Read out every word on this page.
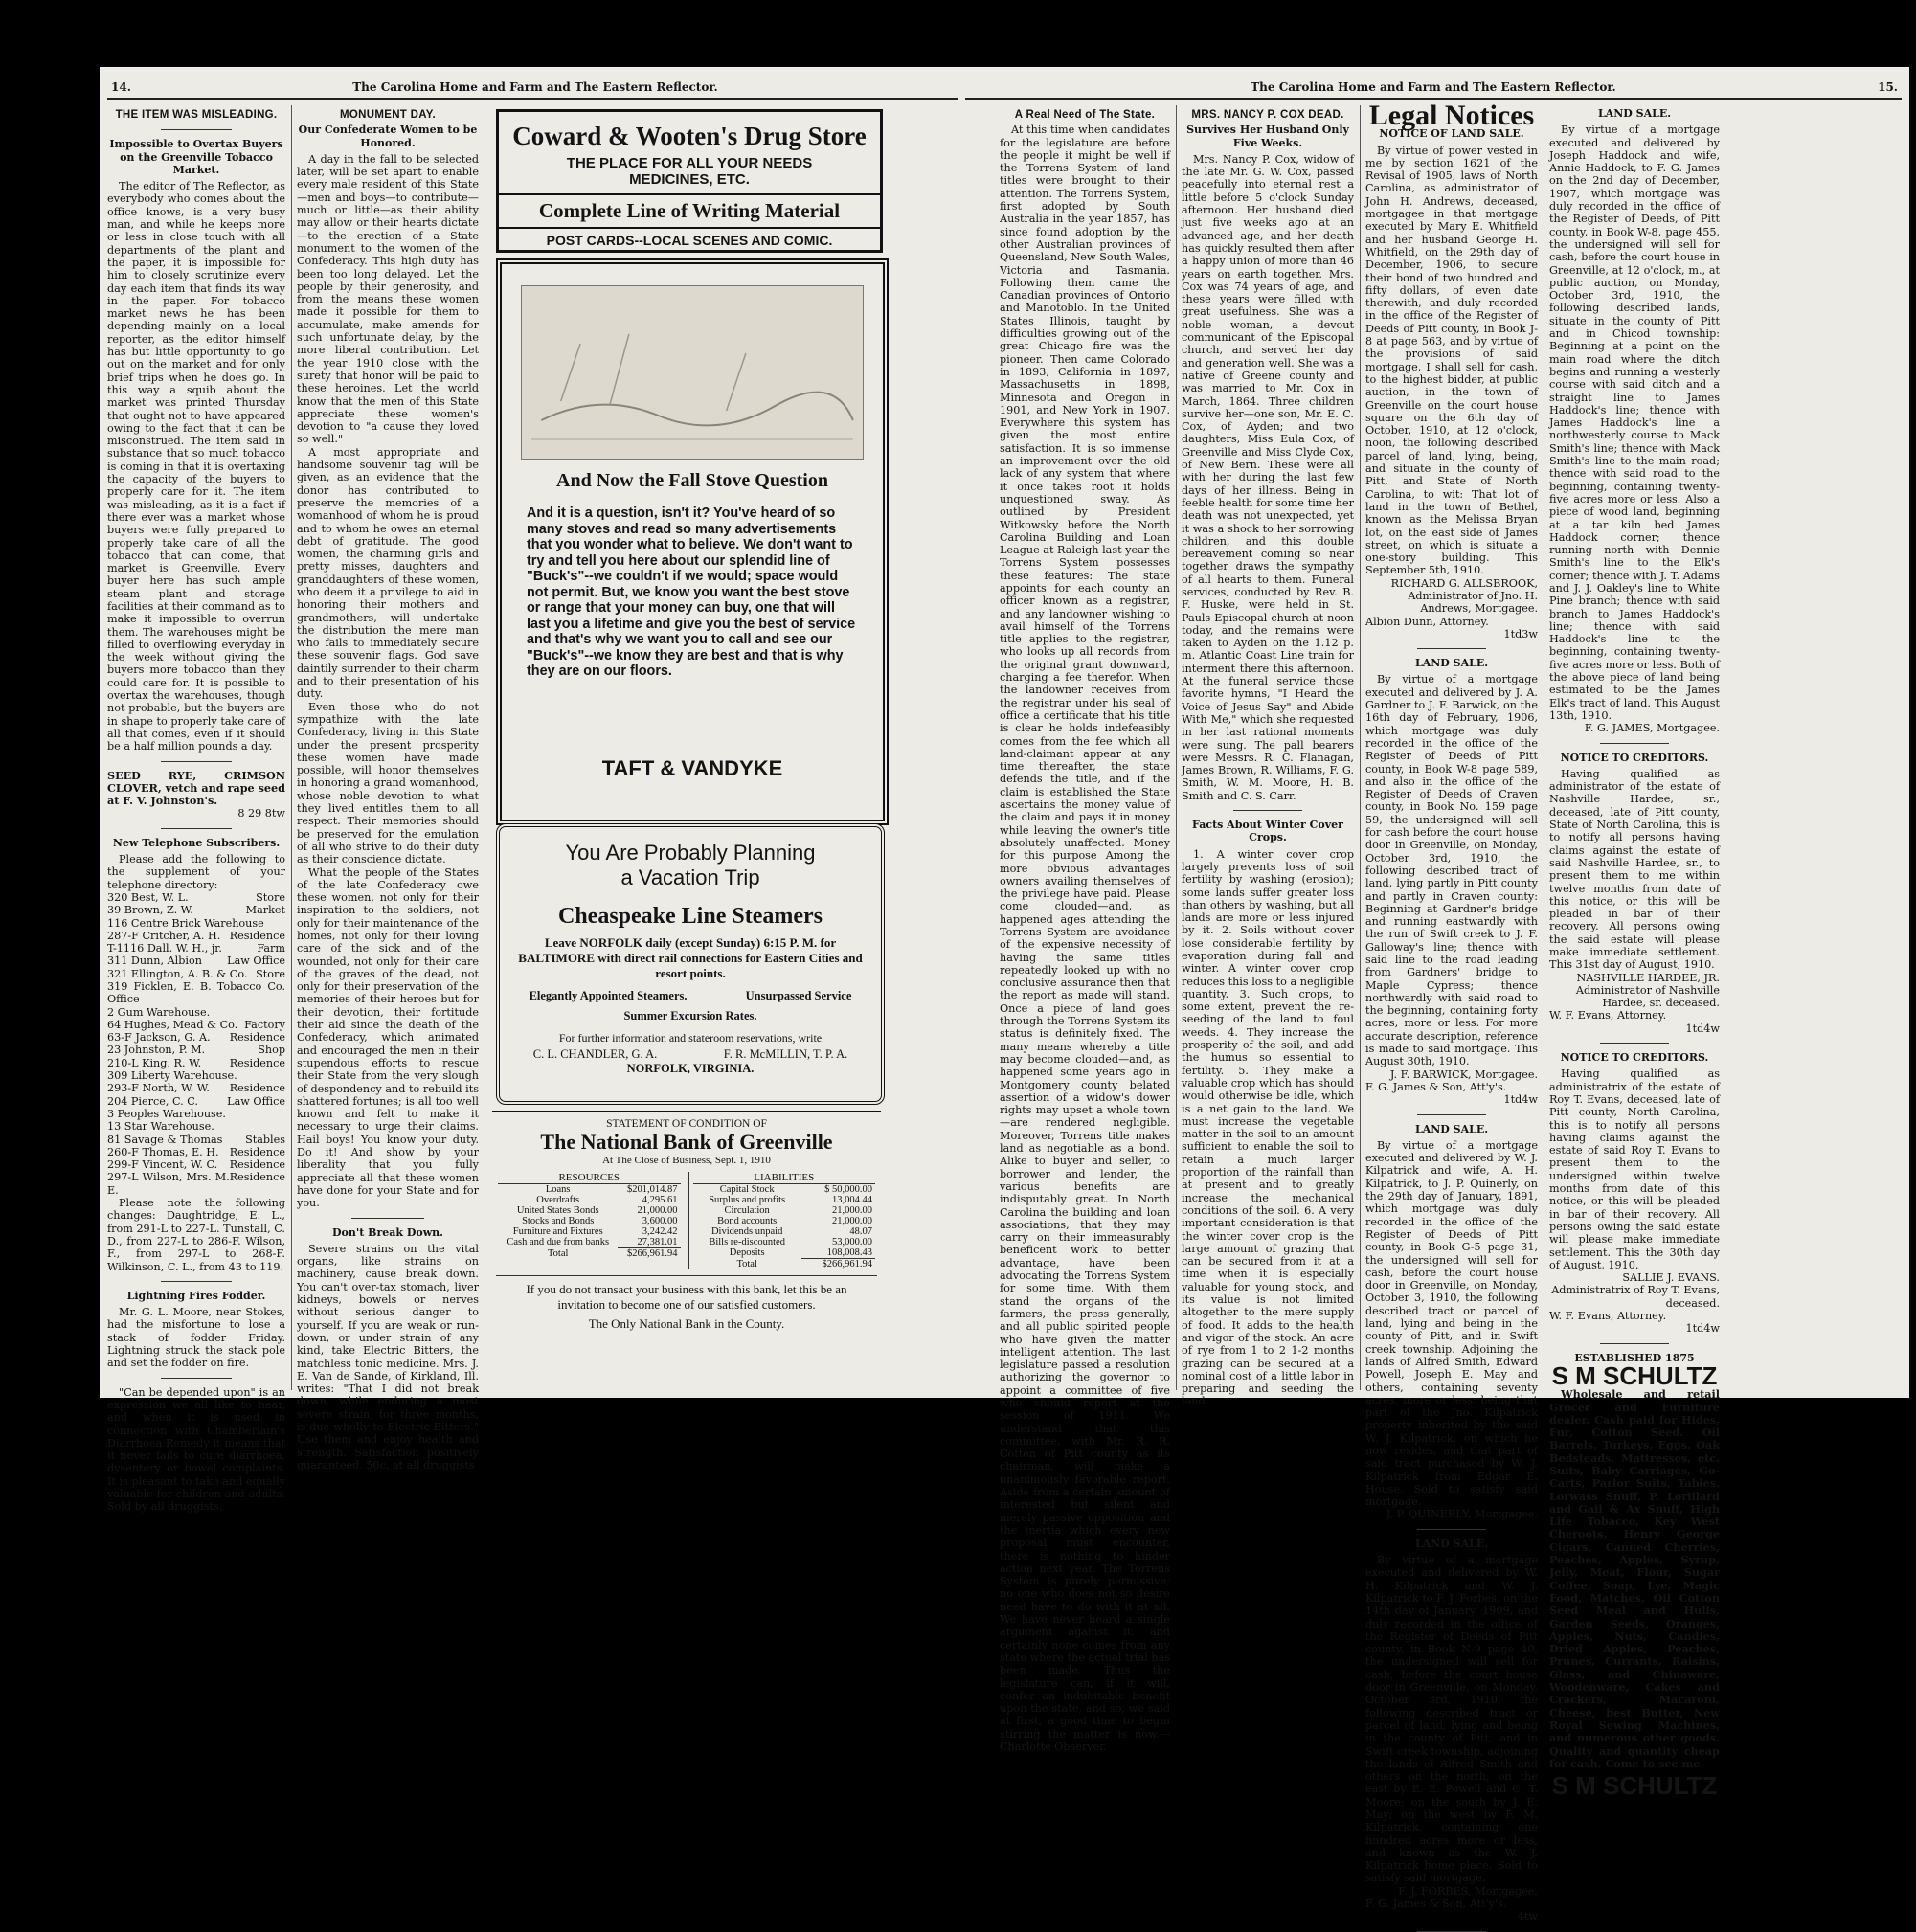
14.	The Carolina Home and Farm and The Eastern Reflector.
THE ITEM WAS MISLEADING.
Impossible to Overtax Buyers on the Greenville Tobacco Market.

The editor of The Reflector, as everybody who comes about the office knows, is a very busy man, and while he keeps more or less in close touch with all departments of the plant and the paper, it is impossible for him to closely scrutinize every day each item that finds its way in the paper. For tobacco market news he has been depending mainly on a local reporter, as the editor himself has but little opportunity to go out on the market and for only brief trips when he does go. In this way a squib about the market was printed Thursday that ought not to have appeared owing to the fact that it can be misconstrued. The item said in substance that so much tobacco is coming in that it is overtaxing the capacity of the buyers to properly care for it. The item was misleading, as it is a fact if there ever was a market whose buyers were fully prepared to properly take care of all the tobacco that can come, that market is Greenville. Every buyer here has such ample steam plant and storage facilities at their command as to make it impossible to overrun them. The warehouses might be filled to overflowing everyday in the week without giving the buyers more tobacco than they could care for. It is possible to overtax the warehouses, though not probable, but the buyers are in shape to properly take care of all that comes, even if it should be a half million pounds a day.

SEED RYE, CRIMSON CLOVER, vetch and rape seed at F. V. Johnston's.

8 29 8tw

New Telephone Subscribers.

Please add the following to the supplement of your telephone directory:

320 Best, W. L.	Store
39 Brown, Z. W.	Market
116 Centre Brick Warehouse
287-F Critcher, A. H. Residence
T-1116 Dall. W. H., jr.	Farm
311 Dunn, Albion Law Office
321 Ellington, A. B. & Co. Store
319 Ficklen, E. B. Tobacco Co. Office
2 Gum Warehouse.
64 Hughes, Mead & Co. Factory
63-F Jackson, G. A. Residence
23 Johnston, P. M.	Shop
210-L King, R. W.	Residence
309 Liberty Warehouse.
293-F North, W. W. Residence
204 Pierce, C. C.	Law Office
3 Peoples Warehouse.
13 Star Warehouse.
81 Savage & Thomas Stables
260-F Thomas, E. H. Residence
299-F Vincent, W. C. Residence
297-L Wilson, Mrs. M. E.
Residence

Please note the following changes: Daughtridge, E. L., from 291-L to 227-L. Tunstall, C. D., from 227-L to 286-F. Wilson, F., from 297-L to 268-F. Wilkinson, C. L., from 43 to 119.

Lightning Fires Fodder.

Mr. G. L. Moore, near Stokes, had the misfortune to lose a stack of fodder Friday. Lightning struck the stack pole and set the fodder on fire.

"Can be depended upon" is an expression we all like to hear, and when it is used in connection with Chamberlain's Diarrhoea Remedy it means that it never fails to cure diarrhoea, dysentery or bowel complaints. It is pleasant to take and equally valuable for children and adults. Sold by all druggists.

MONUMENT DAY.
Our Confederate Women to be Honored.

A day in the fall to be selected later, will be set apart to enable every male resident of this State—men and boys—to contribute—much or little—as their ability may allow or their hearts dictate—to the erection of a State monument to the women of the Confederacy. This high duty has been too long delayed. Let the people by their generosity, and from the means these women made it possible for them to accumulate, make amends for such unfortunate delay, by the more liberal contribution. Let the year 1910 close with the surety that honor will be paid to these heroines. Let the world know that the men of this State appreciate these women's devotion to "a cause they loved so well."

A most appropriate and handsome souvenir tag will be given, as an evidence that the donor has contributed to preserve the memories of a womanhood of whom he is proud and to whom he owes an eternal debt of gratitude. The good women, the charming girls and pretty misses, daughters and granddaughters of these women, who deem it a privilege to aid in honoring their mothers and grandmothers, will undertake the distribution the mere man who fails to immediately secure these souvenir flags. God save daintily surrender to their charm and to their presentation of his duty.

Even those who do not sympathize with the late Confederacy, living in this State under the present prosperity these women have made possible, will honor themselves in honoring a grand womanhood, whose noble devotion to what they lived entitles them to all respect. Their memories should be preserved for the emulation of all who strive to do their duty as their conscience dictate.

What the people of the States of the late Confederacy owe these women, not only for their inspiration to the soldiers, not only for their maintenance of the homes, not only for their loving care of the sick and of the wounded, not only for their care of the graves of the dead, not only for their preservation of the memories of their heroes but for their devotion, their fortitude their aid since the death of the Confederacy, which animated and encouraged the men in their stupendous efforts to rescue their State from the very slough of despondency and to rebuild its shattered fortunes; is all too well known and felt to make it necessary to urge their claims. Hail boys! You know your duty. Do it! And show by your liberality that you fully appreciate all that these women have done for your State and for you.

Don't Break Down.

Severe strains on the vital organs, like strains on machinery, cause break down. You can't over-tax stomach, liver kidneys, bowels or nerves without serious danger to yourself. If you are weak or run-down, or under strain of any kind, take Electric Bitters, the matchless tonic medicine. Mrs. J. E. Van de Sande, of Kirkland, Ill. writes: "That I did not break down, while enduring a most severe strain, for three months, is due wholly to Electric Bitters." Use them and enjoy health and strength. Satisfaction positively guaranteed. 50c. at all druggists

Coward & Wooten's Drug Store
THE PLACE FOR ALL YOUR NEEDS
MEDICINES, ETC.
Complete Line of Writing Material
POST CARDS--LOCAL SCENES AND COMIC.
And Now the Fall Stove Question
And it is a question, isn't it? You've heard of so many stoves and read so many advertisements that you wonder what to believe. We don't want to try and tell you here about our splendid line of "Buck's"--we couldn't if we would; space would not permit. But, we know you want the best stove or range that your money can buy, one that will last you a lifetime and give you the best of service and that's why we want you to call and see our "Buck's"--we know they are best and that is why they are on our floors.
TAFT & VANDYKE
You Are Probably Planning
a Vacation Trip
Cheaspeake Line Steamers
Leave NORFOLK daily (except Sunday) 6:15 P. M. for BALTIMORE with direct rail connections for Eastern Cities and resort points.
Elegantly Appointed Steamers.	Unsurpassed Service
Summer Excursion Rates.
For further information and stateroom reservations, write
C. L. CHANDLER, G. A.	F. R. McMILLIN, T. P. A.
NORFOLK, VIRGINIA.
STATEMENT OF CONDITION OF
The National Bank of Greenville
At The Close of Business, Sept. 1, 1910
RESOURCES
Loans	$201,014.87
Overdrafts	4,295.61
United States Bonds	21,000.00
Stocks and Bonds	3,600.00
Furniture and Fixtures	3,242.42
Cash and due from banks	27,381.01
Total	$266,961.94
LIABILITIES
Capital Stock	$ 50,000.00
Surplus and profits	13,004.44
Circulation	21,000.00
Bond accounts	21,000.00
Dividends unpaid	48.07
Bills re-discounted	53,000.00
Deposits	108,008.43
Total	$266,961.94
If you do not transact your business with this bank, let this be an invitation to become one of our satisfied customers.
The Only National Bank in the County.
The Carolina Home and Farm and The Eastern Reflector.	15.
A Real Need of The State.

At this time when candidates for the legislature are before the people it might be well if the Torrens System of land titles were brought to their attention. The Torrens System, first adopted by South Australia in the year 1857, has since found adoption by the other Australian provinces of Queensland, New South Wales, Victoria and Tasmania. Following them came the Canadian provinces of Ontorio and Manotoblo. In the United States Illinois, taught by difficulties growing out of the great Chicago fire was the pioneer. Then came Colorado in 1893, California in 1897, Massachusetts in 1898, Minnesota and Oregon in 1901, and New York in 1907. Everywhere this system has given the most entire satisfaction. It is so immense an improvement over the old lack of any system that where it once takes root it holds unquestioned sway. As outlined by President Witkowsky before the North Carolina Building and Loan League at Raleigh last year the Torrens System possesses these features: The state appoints for each county an officer known as a registrar, and any landowner wishing to avail himself of the Torrens title applies to the registrar, who looks up all records from the original grant downward, charging a fee therefor. When the landowner receives from the registrar under his seal of office a certificate that his title is clear he holds indefeasibly comes from the fee which all land-claimant appear at any time thereafter, the state defends the title, and if the claim is established the State ascertains the money value of the claim and pays it in money while leaving the owner's title absolutely unaffected. Money for this purpose Among the more obvious advantages owners availing themselves of the privilege have paid. Please come clouded—and, as happened ages attending the Torrens System are avoidance of the expensive necessity of having the same titles repeatedly looked up with no conclusive assurance then that the report as made will stand. Once a piece of land goes through the Torrens System its status is definitely fixed. The many means whereby a title may become clouded—and, as happened some years ago in Montgomery county belated assertion of a widow's dower rights may upset a whole town—are rendered negligible. Moreover, Torrens title makes land as negotiable as a bond. Alike to buyer and seller, to borrower and lender, the various benefits are indisputably great. In North Carolina the building and loan associations, that they may carry on their immeasurably beneficent work to better advantage, have been advocating the Torrens System for some time. With them stand the organs of the farmers, the press generally, and all public spirited people who have given the matter intelligent attention. The last legislature passed a resolution authorizing the governor to appoint a committee of five who should report at the session of 1911. We understand that this committee, with Mr. R. R. Cotten of Pitt county as its chairman, will make a unanimously favorable report. Aside from a certain amount of interested but silent and merely passive opposition and the inertia which every new proposal must encounter, there is nothing to hinder action next year. The Torrens System is purely permissive; no one who does not so desire need have to do with it at all. We have never heard a single argument against it, and certainly none comes from any state where the actual trial has been made. Thus the legislature can, if it will, confer an indubitable benefit upon the state, and so, we said at first, a good time to begin stirring the matter is now.—Charlotte Observer.

MRS. NANCY P. COX DEAD.
Survives Her Husband Only Five Weeks.

Mrs. Nancy P. Cox, widow of the late Mr. G. W. Cox, passed peacefully into eternal rest a little before 5 o'clock Sunday afternoon. Her husband died just five weeks ago at an advanced age, and her death has quickly resulted them after a happy union of more than 46 years on earth together. Mrs. Cox was 74 years of age, and these years were filled with great usefulness. She was a noble woman, a devout communicant of the Episcopal church, and served her day and generation well. She was a native of Greene county and was married to Mr. Cox in March, 1864. Three children survive her—one son, Mr. E. C. Cox, of Ayden; and two daughters, Miss Eula Cox, of Greenville and Miss Clyde Cox, of New Bern. These were all with her during the last few days of her illness. Being in feeble health for some time her death was not unexpected, yet it was a shock to her sorrowing children, and this double bereavement coming so near together draws the sympathy of all hearts to them. Funeral services, conducted by Rev. B. F. Huske, were held in St. Pauls Episcopal church at noon today, and the remains were taken to Ayden on the 1.12 p. m. Atlantic Coast Line train for interment there this afternoon. At the funeral service those favorite hymns, "I Heard the Voice of Jesus Say" and Abide With Me," which she requested in her last rational moments were sung. The pall bearers were Messrs. R. C. Flanagan, James Brown, R. Williams, F. G. Smith, W. M. Moore, H. B. Smith and C. S. Carr.

Facts About Winter Cover Crops.

1. A winter cover crop largely prevents loss of soil fertility by washing (erosion); some lands suffer greater loss than others by washing, but all lands are more or less injured by it. 2. Soils without cover lose considerable fertility by evaporation during fall and winter. A winter cover crop reduces this loss to a negligible quantity. 3. Such crops, to some extent, prevent the re-seeding of the land to foul weeds. 4. They increase the prosperity of the soil, and add the humus so essential to fertility. 5. They make a valuable crop which has should would otherwise be idle, which is a net gain to the land. We must increase the vegetable matter in the soil to an amount sufficient to enable the soil to retain a much larger proportion of the rainfall than at present and to greatly increase the mechanical conditions of the soil. 6. A very important consideration is that the winter cover crop is the large amount of grazing that can be secured from it at a time when it is especially valuable for young stock, and its value is not limited altogether to the mere supply of food. It adds to the health and vigor of the stock. An acre of rye from 1 to 2 1-2 months grazing can be secured at a nominal cost of a little labor in preparing and seeding the land.

Legal Notices
NOTICE OF LAND SALE.

By virtue of power vested in me by section 1621 of the Revisal of 1905, laws of North Carolina, as administrator of John H. Andrews, deceased, mortgagee in that mortgage executed by Mary E. Whitfield and her husband George H. Whitfield, on the 29th day of December, 1906, to secure their bond of two hundred and fifty dollars, of even date therewith, and duly recorded in the office of the Register of Deeds of Pitt county, in Book J-8 at page 563, and by virtue of the provisions of said mortgage, I shall sell for cash, to the highest bidder, at public auction, in the town of Greenville on the court house square on the 6th day of October, 1910, at 12 o'clock, noon, the following described parcel of land, lying, being, and situate in the county of Pitt, and State of North Carolina, to wit: That lot of land in the town of Bethel, known as the Melissa Bryan lot, on the east side of James street, on which is situate a one-story building. This September 5th, 1910.

RICHARD G. ALLSBROOK, Administrator of Jno. H. Andrews, Mortgagee.

Albion Dunn, Attorney.

1td3w

LAND SALE.

By virtue of a mortgage executed and delivered by J. A. Gardner to J. F. Barwick, on the 16th day of February, 1906, which mortgage was duly recorded in the office of the Register of Deeds of Pitt county, in Book W-8 page 589, and also in the office of the Register of Deeds of Craven county, in Book No. 159 page 59, the undersigned will sell for cash before the court house door in Greenville, on Monday, October 3rd, 1910, the following described tract of land, lying partly in Pitt county and partly in Craven county: Beginning at Gardner's bridge and running eastwardly with the run of Swift creek to J. F. Galloway's line; thence with said line to the road leading from Gardners' bridge to Maple Cypress; thence northwardly with said road to the beginning, containing forty acres, more or less. For more accurate description, reference is made to said mortgage. This August 30th, 1910.

J. F. BARWICK, Mortgagee.

F. G. James & Son, Att'y's.

1td4w

LAND SALE.

By virtue of a mortgage executed and delivered by W. J. Kilpatrick and wife, A. H. Kilpatrick, to J. P. Quinerly, on the 29th day of January, 1891, which mortgage was duly recorded in the office of the Register of Deeds of Pitt county, in Book G-5 page 31, the undersigned will sell for cash, before the court house door in Greenville, on Monday, October 3, 1910, the following described tract or parcel of land, lying and being in the county of Pitt, and in Swift creek township. Adjoining the lands of Alfred Smith, Edward Powell, Joseph E. May and others, containing seventy acres, more or less, being that part of the Jno. Kilpatrick property inherited by the said W. J. Kilpatrick, on which he now resides, and that part of said tract purchased by W. J. Kilpatrick from Edgar E. House. Sold to satisfy said mortgage.

J. P. QUINERLY, Mortgagee.

LAND SALE.

By virtue of a mortgage executed and delivered by W. H. Kilpatrick and W. J. Kilpatrick to F. J. Forbes, on the 14th day of January, 1909, and duly recorded in the office of the Register of Deeds of Pitt county, in Book N-9 page 40, the undersigned will sell for cash, before the court house door in Greenville, on Monday, October 3rd, 1910, the following described tract or parcel of land, lying and being in the county of Pitt, and in Swift creek township, adjoining the lands of Alfred Smith and others on the north; on the east by E. E. Powell and C. T. Moore; on the south by J. E. May; on the west by F. M. Kilpatrick, containing one hundred acres more or less, and known as the W. J. Kilpatrick home place. Sold to satisfy said mortgage.

F. J. FORBES, Mortgagee.

F. G. James & Son, Att'y's.

4tw

LAND SALE.

By virtue of a mortgage executed and delivered by Joseph Haddock and wife, Annie Haddock, to F. G. James on the 2nd day of December, 1907, which mortgage was duly recorded in the office of the Register of Deeds, of Pitt county, in Book W-8, page 455, the undersigned will sell for cash, before the court house in Greenville, at 12 o'clock, m., at public auction, on Monday, October 3rd, 1910, the following described lands, situate in the county of Pitt and in Chicod township: Beginning at a point on the main road where the ditch begins and running a westerly course with said ditch and a straight line to James Haddock's line; thence with James Haddock's line a northwesterly course to Mack Smith's line; thence with Mack Smith's line to the main road; thence with said road to the beginning, containing twenty-five acres more or less. Also a piece of wood land, beginning at a tar kiln bed James Haddock corner; thence running north with Dennie Smith's line to the Elk's corner; thence with J. T. Adams and J. J. Oakley's line to White Pine branch; thence with said branch to James Haddock's line; thence with said Haddock's line to the beginning, containing twenty-five acres more or less. Both of the above piece of land being estimated to be the James Elk's tract of land. This August 13th, 1910.

F. G. JAMES, Mortgagee.

NOTICE TO CREDITORS.

Having qualified as administrator of the estate of Nashville Hardee, sr., deceased, late of Pitt county, State of North Carolina, this is to notify all persons having claims against the estate of said Nashville Hardee, sr., to present them to me within twelve months from date of this notice, or this will be pleaded in bar of their recovery. All persons owing the said estate will please make immediate settlement. This 31st day of August, 1910.

NASHVILLE HARDEE, JR. Administrator of Nashville Hardee, sr. deceased.

W. F. Evans, Attorney.

1td4w

NOTICE TO CREDITORS.

Having qualified as administratrix of the estate of Roy T. Evans, deceased, late of Pitt county, North Carolina, this is to notify all persons having claims against the estate of said Roy T. Evans to present them to the undersigned within twelve months from date of this notice, or this will be pleaded in bar of their recovery. All persons owing the said estate will please make immediate settlement. This the 30th day of August, 1910.

SALLIE J. EVANS. Administratrix of Roy T. Evans, deceased.

W. F. Evans, Attorney.

1td4w

ESTABLISHED 1875
S M SCHULTZ

Wholesale and retail Grocer and Furniture dealer. Cash paid for Hides, Fur, Cotton Seed. Oil Barrels, Turkeys, Eggs, Oak Bedsteads, Mattresses, etc. Suits, Baby Carriages, Go-Carts, Parlor Suits, Tables. Lorwass Snuff, P. Lorillard and Gail & Ax Snuff, High Life Tobacco, Key West Cheroots, Henry George Cigars, Canned Cherries, Peaches, Apples, Syrup, Jelly, Meat, Flour, Sugar Coffee, Soap, Lye, Magic Food, Matches, Oil Cotton Seed Meal and Hulls, Garden Seeds, Oranges, Apples, Nuts, Candies, Dried Apples, Peaches, Prunes, Currants, Raisins, Glass, and Chinaware, Woodenware, Cakes and Crackers, Macaroni, Cheese, best Butter, New Royal Sewing Machines, and numerous other goods. Quality and quantity cheap for cash. Come to see me.

S M SCHULTZ
